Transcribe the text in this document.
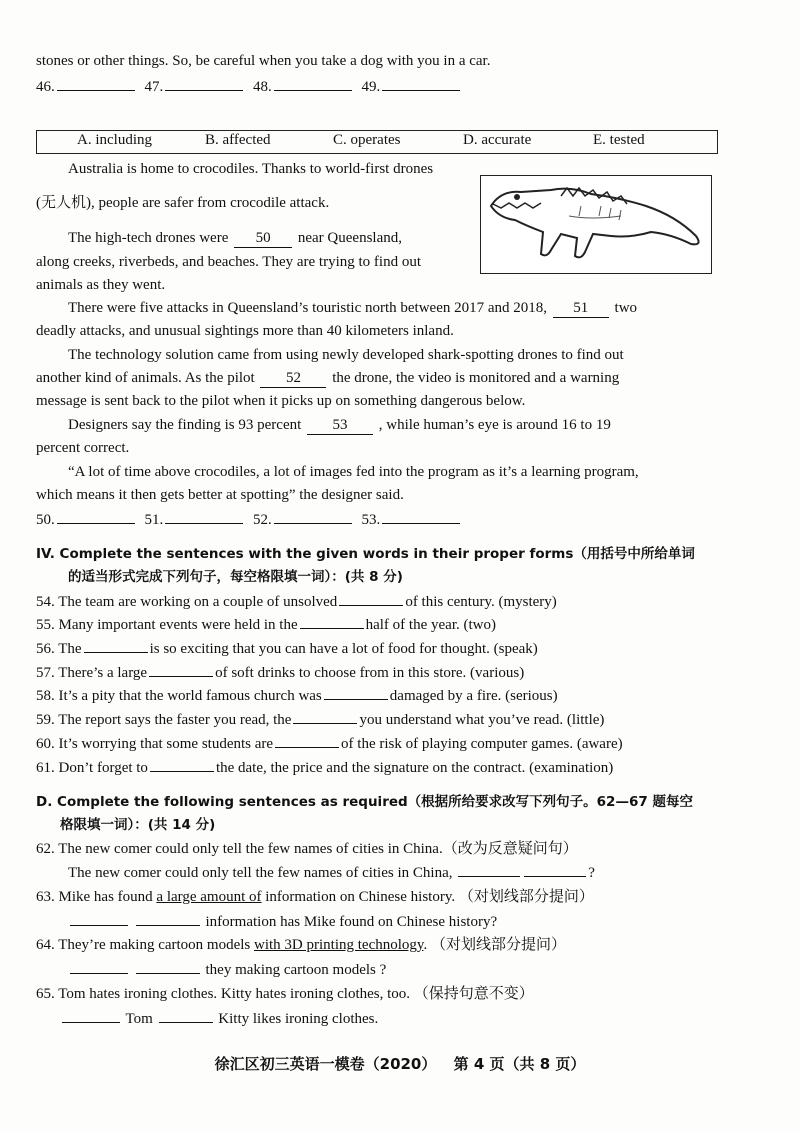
stones or other things. So, be careful when you take a dog with you in a car.
46.	47.	48.	49.
A. including	B. affected	C. operates	D. accurate	E. tested
Australia is home to crocodiles. Thanks to world-first drones
(无人机), people are safer from crocodile attack.
The high-tech drones were 50 near Queensland,
along creeks, riverbeds, and beaches. They are trying to find out
animals as they went.
There were five attacks in Queensland’s touristic north between 2017 and 2018, 51 two
deadly attacks, and unusual sightings more than 40 kilometers inland.
The technology solution came from using newly developed shark-spotting drones to find out
another kind of animals. As the pilot 52 the drone, the video is monitored and a warning
message is sent back to the pilot when it picks up on something dangerous below.
Designers say the finding is 93 percent 53 , while human’s eye is around 16 to 19
percent correct.
“A lot of time above crocodiles, a lot of images fed into the program as it’s a learning program,
which means it then gets better at spotting” the designer said.
50.	51.	52.	53.
IV. Complete the sentences with the given words in their proper forms（用括号中所给单词
的适当形式完成下列句子，每空格限填一词）：(共 8 分)
54. The team are working on a couple of unsolved	of this century. (mystery)
55. Many important events were held in the	half of the year. (two)
56. The	is so exciting that you can have a lot of food for thought. (speak)
57. There’s a large	of soft drinks to choose from in this store. (various)
58. It’s a pity that the world famous church was	damaged by a fire. (serious)
59. The report says the faster you read, the	you understand what you’ve read. (little)
60. It’s worrying that some students are	of the risk of playing computer games. (aware)
61. Don’t forget to	the date, the price and the signature on the contract. (examination)
D. Complete the following sentences as required（根据所给要求改写下列句子。62—67 题每空
格限填一词）：(共 14 分)
62. The new comer could only tell the few names of cities in China.（改为反意疑问句）
The new comer could only tell the few names of cities in China,	?
63. Mike has found a large amount of information on Chinese history. （对划线部分提问）
information has Mike found on Chinese history?
64. They’re making cartoon models with 3D printing technology. （对划线部分提问）
they making cartoon models ?
65. Tom hates ironing clothes. Kitty hates ironing clothes, too. （保持句意不变）
Tom	Kitty likes ironing clothes.
徐汇区初三英语一模卷（2020） 第 4 页（共 8 页）
